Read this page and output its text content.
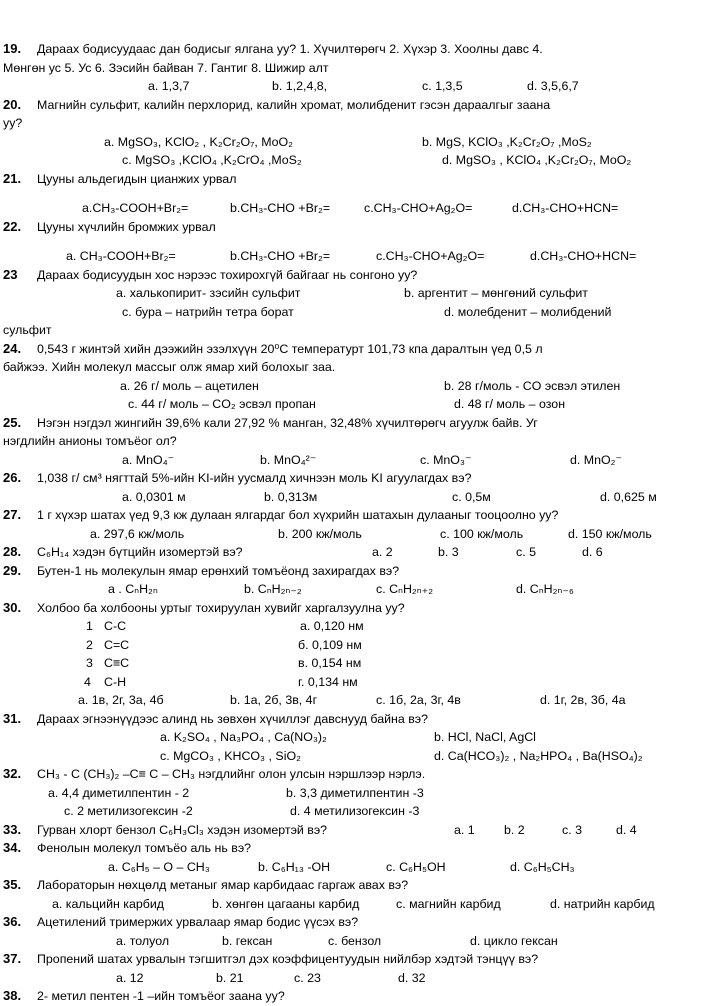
19. Дараах бодисуудаас дан бодисыг ялгана уу? 1. Хүчилтөрөгч 2. Хүхэр 3. Хоолны давс 4.
Мөнгөн ус 5. Ус 6. Зэсийн байван 7. Гантиг 8. Шижир алт
a. 1,3,7	b. 1,2,4,8,	c. 1,3,5	d. 3,5,6,7
20. Магнийн сульфит, калийн перхлорид, калийн хромат, молибденит гэсэн дараалгыг заана
уу?
a. MgSO₃, KClO₂ , K₂Cr₂O₇, MoO₂	b. MgS, KClO₃ ,K₂Cr₂O₇ ,MoS₂
c. MgSO₃ ,KClO₄ ,K₂CrO₄ ,MoS₂	d. MgSO₃ , KClO₄ ,K₂Cr₂O₇, MoO₂
21. Цууны альдегидын цианжих урвал
a.CH₃-COOH+Br₂=	b.CH₃-CHO +Br₂=	c.CH₃-CHO+Ag₂O=	d.CH₃-CHO+HCN=
22. Цууны хүчлийн бромжих урвал
a. CH₃-COOH+Br₂=	b.CH₃-CHO +Br₂=	c.CH₃-CHO+Ag₂O=	d.CH₃-CHO+HCN=
23 Дараах бодисуудын хос нэрээс тохирохгүй байгааг нь сонгоно уу?
a. халькопирит- зэсийн сульфит	b. аргентит – мөнгөний сульфит
c. бура – натрийн тетра борат	d. молебденит – молибдений
сульфит
24. 0,543 г жинтэй хийн дээжийн эзэлхүүн 20⁰С температурт 101,73 кпа даралтын үед 0,5 л
байжээ. Хийн молекул массыг олж ямар хий болохыг заа.
a. 26 г/ моль – ацетилен	b. 28 г/моль - CO эсвэл этилен
c. 44 г/ моль – CO₂ эсвэл пропан	d. 48 г/ моль – озон
25. Нэгэн нэгдэл жингийн 39,6% кали 27,92 % манган, 32,48% хүчилтөрөгч агуулж байв. Уг
нэгдлийн анионы томъёог ол?
a. MnO₄⁻	b. MnO₄²⁻	c. MnO₃⁻	d. MnO₂⁻
26. 1,038 г/ см³ нягттай 5%-ийн KI-ийн уусмалд хичнээн моль KI агуулагдах вэ?
a. 0,0301 м	b. 0,313м	c. 0,5м	d. 0,625 м
27. 1 г хүхэр шатах үед 9,3 кж дулаан ялгардаг бол хүхрийн шатахын дулааныг тооцоолно уу?
a. 297,6 кж/моль	b. 200 кж/моль	c. 100 кж/моль	d. 150 кж/моль
28. C₆H₁₄ хэдэн бүтцийн изомертэй вэ?	a. 2	b. 3	c. 5	d. 6
29. Бутен-1 нь молекулын ямар ерөнхий томъёонд захирагдах вэ?
a . CₙH₂ₙ	b. CₙH₂ₙ₋₂	c. CₙH₂ₙ₊₂	d. CₙH₂ₙ₋₆
30. Холбоо ба холбооны уртыг тохируулан хувийг харгалзуулна уу?
1 C-C	a. 0,120 нм
2 C=C	б. 0,109 нм
3 C≡C	в. 0,154 нм
4 C-H	г. 0,134 нм
a. 1в, 2г, 3а, 4б	b. 1а, 2б, 3в, 4г	c. 1б, 2а, 3г, 4в	d. 1г, 2в, 3б, 4а
31. Дараах эгнээнүүдээс алинд нь зөвхөн хүчиллэг давснууд байна вэ?
a. K₂SO₄ , Na₃PO₄ , Ca(NO₃)₂	b. HCl, NaCl, AgCl
c. MgCO₃ , KHCO₃ , SiO₂	d. Ca(HCO₃)₂ , Na₂HPO₄ , Ba(HSO₄)₂
32. CH₃ - C (CH₃)₂ –C≡ C – CH₃ нэгдлийнг олон улсын нэршлээр нэрлэ.
a. 4,4 диметилпентин - 2	b. 3,3 диметилпентин -3
c. 2 метилизогексин -2	d. 4 метилизогексин -3
33. Гурван хлорт бензол C₆H₃Cl₃ хэдэн изомертэй вэ?	a. 1 b. 2	c. 3	d. 4
34. Фенолын молекул томъёо аль нь вэ?
a. C₆H₅ – O – CH₃	b. C₆H₁₃ -OH	c. C₆H₅OH	d. C₆H₅CH₃
35. Лабораторын нөхцөлд метаныг ямар карбидаас гаргаж авах вэ?
a. кальцийн карбид	b. хөнгөн цагааны карбид	c. магнийн карбид	d. натрийн карбид
36. Ацетилений тримержих урвалаар ямар бодис үүсэх вэ?
a. толуол	b. гексан	c. бензол	d. цикло гексан
37. Пропений шатах урвалын тэгшитгэл дэх коэффицентуудын нийлбэр хэдтэй тэнцүү вэ?
a. 12	b. 21	c. 23	d. 32
38. 2- метил пентен -1 –ийн томъёог заана уу?
